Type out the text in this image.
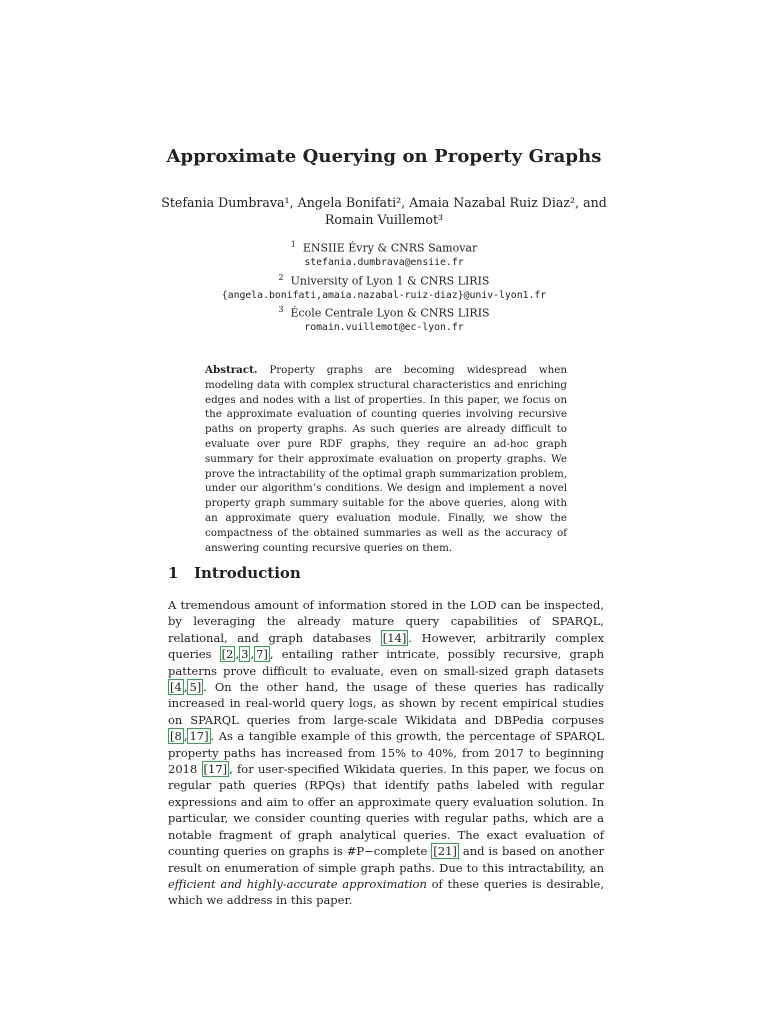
Approximate Querying on Property Graphs
Stefania Dumbrava¹, Angela Bonifati², Amaia Nazabal Ruiz Diaz², and
Romain Vuillemot³
$^1$ ENSIIE Évry & CNRS Samovar
stefania.dumbrava@ensiie.fr
$^2$ University of Lyon 1 & CNRS LIRIS
{angela.bonifati,amaia.nazabal-ruiz-diaz}@univ-lyon1.fr
$^3$ École Centrale Lyon & CNRS LIRIS
romain.vuillemot@ec-lyon.fr
Abstract. Property graphs are becoming widespread when modeling data with complex structural characteristics and enriching edges and nodes with a list of properties. In this paper, we focus on the approximate evaluation of counting queries involving recursive paths on property graphs. As such queries are already difficult to evaluate over pure RDF graphs, they require an ad-hoc graph summary for their approximate evaluation on property graphs. We prove the intractability of the optimal graph summarization problem, under our algorithm’s conditions. We design and implement a novel property graph summary suitable for the above queries, along with an approximate query evaluation module. Finally, we show the compactness of the obtained summaries as well as the accuracy of answering counting recursive queries on them.
1 Introduction
A tremendous amount of information stored in the LOD can be inspected, by leveraging the already mature query capabilities of SPARQL, relational, and graph databases [14] . However, arbitrarily complex queries [2 , 3 , 7] , entailing rather intricate, possibly recursive, graph patterns prove difficult to evaluate, even on small-sized graph datasets [4 , 5] . On the other hand, the usage of these queries has radically increased in real-world query logs, as shown by recent empirical studies on SPARQL queries from large-scale Wikidata and DBPedia corpuses [8 , 17] . As a tangible example of this growth, the percentage of SPARQL property paths has increased from 15% to 40%, from 2017 to beginning 2018 [17] , for user-specified Wikidata queries. In this paper, we focus on regular path queries (RPQs) that identify paths labeled with regular expressions and aim to offer an approximate query evaluation solution. In particular, we consider counting queries with regular paths, which are a notable fragment of graph analytical queries. The exact evaluation of counting queries on graphs is #P−complete [21] and is based on another result on enumeration of simple graph paths. Due to this intractability, an efficient and highly-accurate approximation of these queries is desirable, which we address in this paper.
